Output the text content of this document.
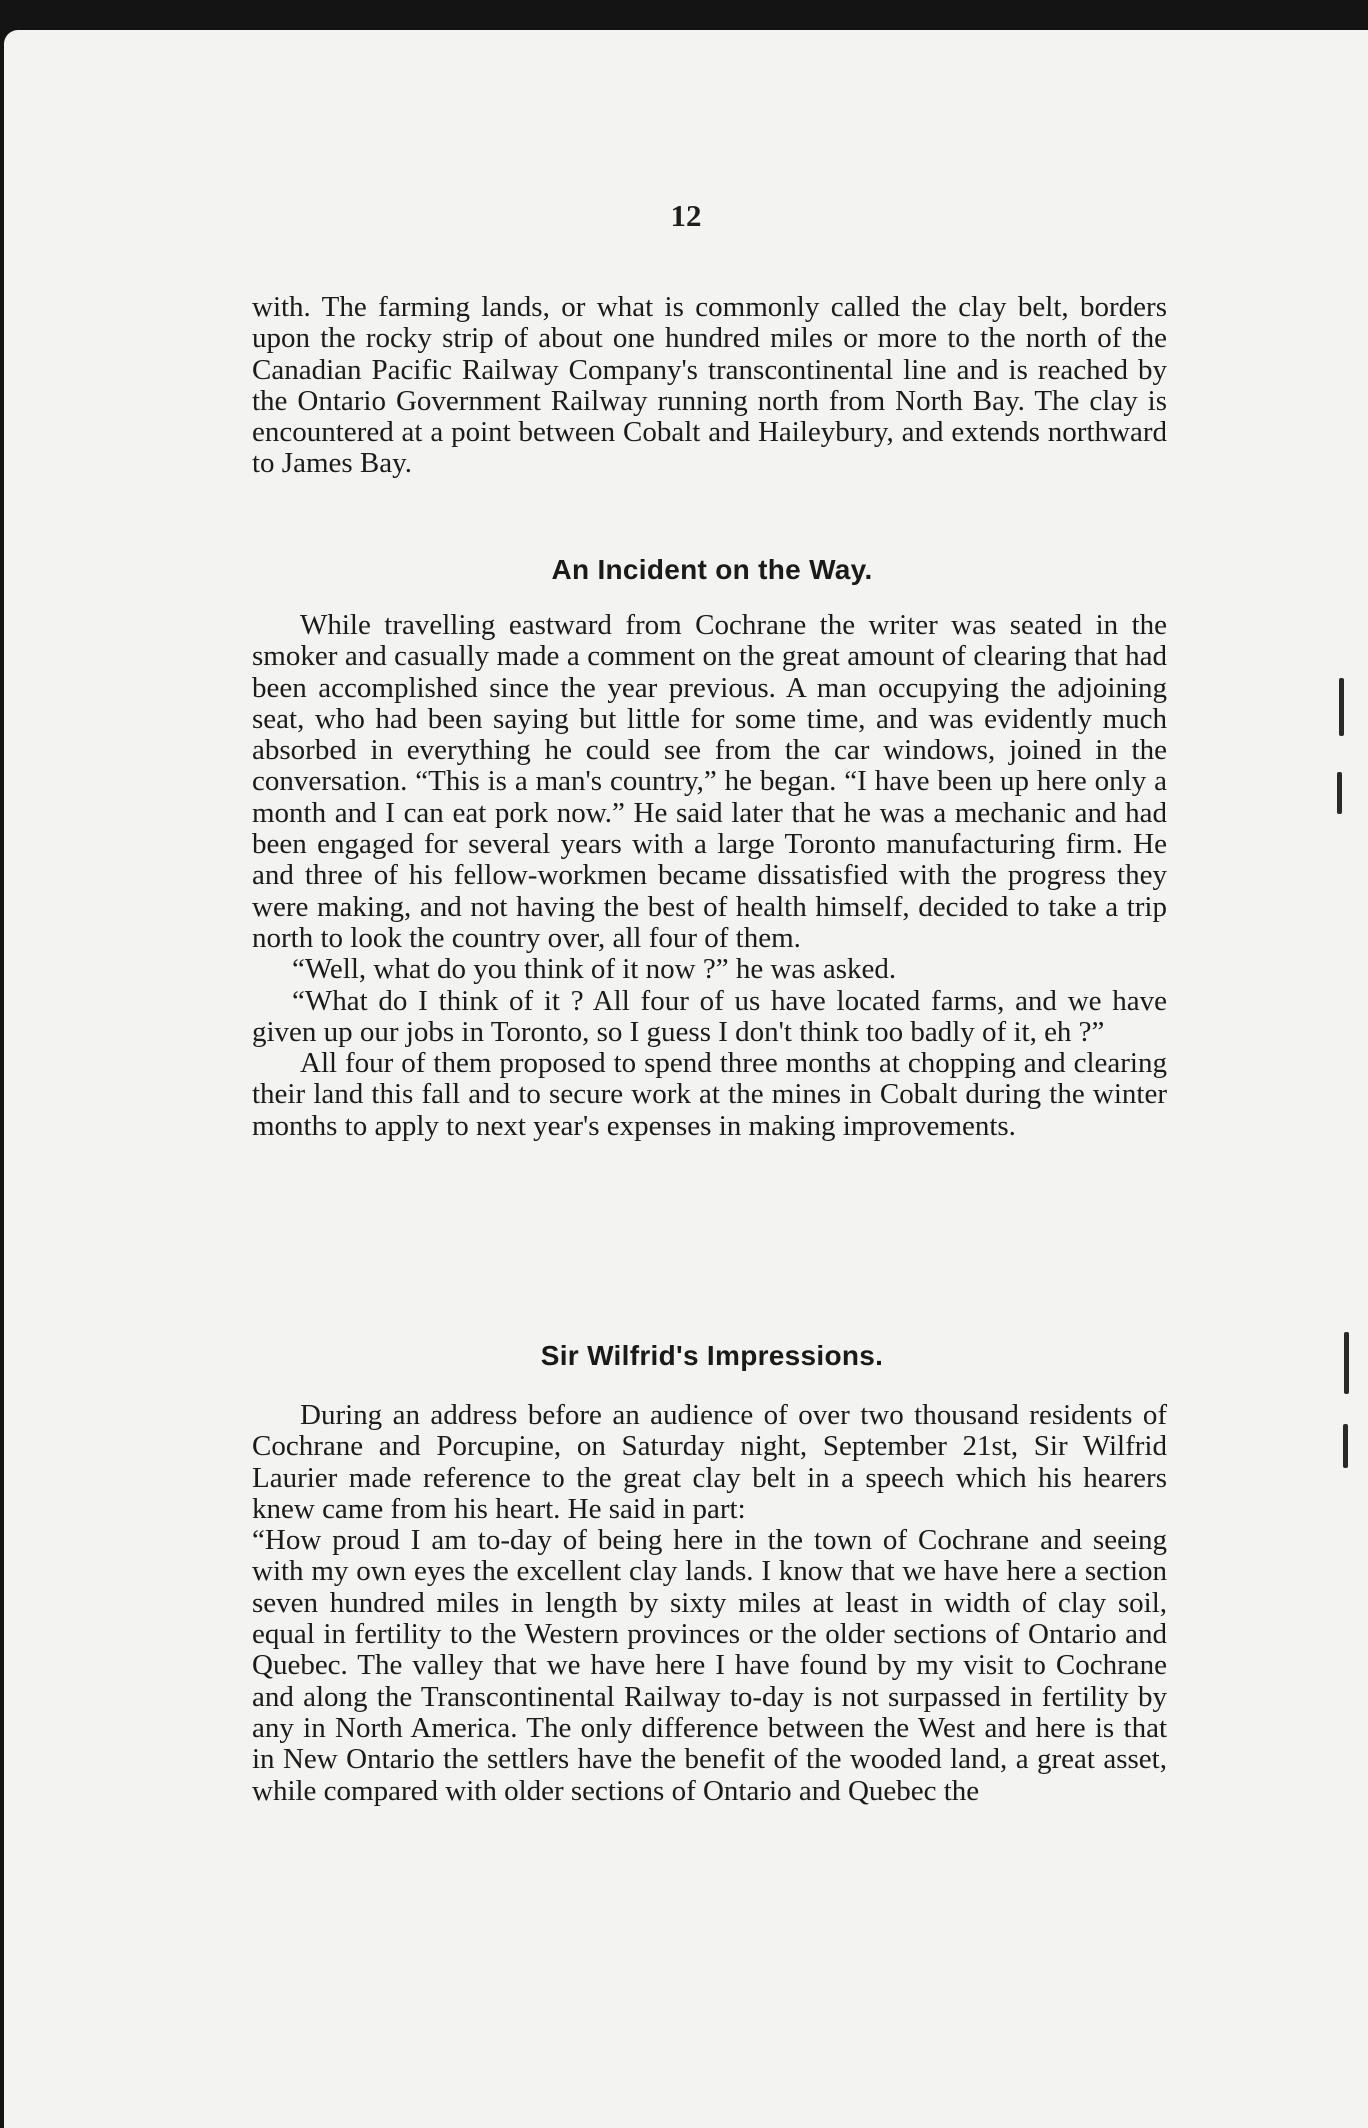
12

with. The farming lands, or what is commonly called the clay belt, borders upon the rocky strip of about one hundred miles or more to the north of the Canadian Pacific Railway Company's transcontinental line and is reached by the Ontario Government Railway running north from North Bay. The clay is encountered at a point between Cobalt and Haileybury, and extends northward to James Bay.

An Incident on the Way.

While travelling eastward from Cochrane the writer was seated in the smoker and casually made a comment on the great amount of clearing that had been accomplished since the year previous. A man occupying the adjoining seat, who had been saying but little for some time, and was evidently much absorbed in everything he could see from the car windows, joined in the conversation. “This is a man's country,” he began. “I have been up here only a month and I can eat pork now.” He said later that he was a mechanic and had been engaged for several years with a large Toronto manufacturing firm. He and three of his fellow-workmen became dissatisfied with the progress they were making, and not having the best of health himself, decided to take a trip north to look the country over, all four of them.

“Well, what do you think of it now ?” he was asked.

“What do I think of it ? All four of us have located farms, and we have given up our jobs in Toronto, so I guess I don't think too badly of it, eh ?”

All four of them proposed to spend three months at chopping and clearing their land this fall and to secure work at the mines in Cobalt during the winter months to apply to next year's expenses in making improvements.

Sir Wilfrid's Impressions.

During an address before an audience of over two thousand residents of Cochrane and Porcupine, on Saturday night, September 21st, Sir Wilfrid Laurier made reference to the great clay belt in a speech which his hearers knew came from his heart. He said in part:

“How proud I am to-day of being here in the town of Cochrane and seeing with my own eyes the excellent clay lands. I know that we have here a section seven hundred miles in length by sixty miles at least in width of clay soil, equal in fertility to the Western provinces or the older sections of Ontario and Quebec. The valley that we have here I have found by my visit to Cochrane and along the Transcontinental Railway to-day is not surpassed in fertility by any in North America. The only difference between the West and here is that in New Ontario the settlers have the benefit of the wooded land, a great asset, while compared with older sections of Ontario and Quebec the
